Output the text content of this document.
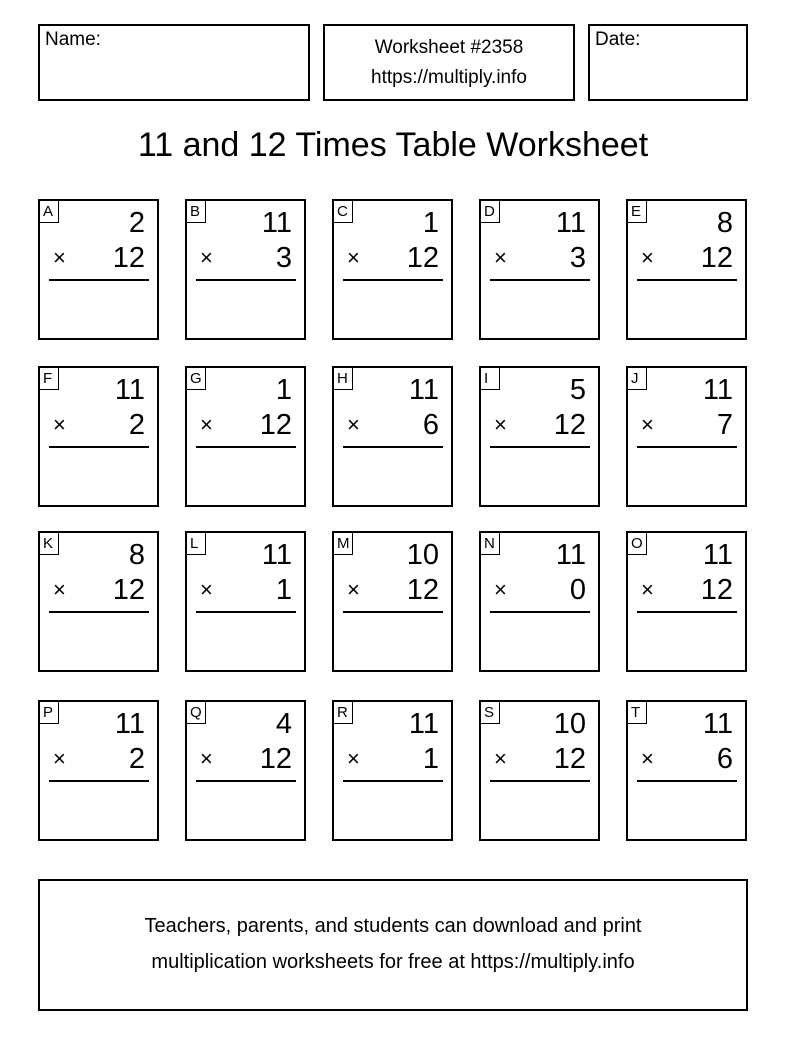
Name:	Worksheet #2358
https://multiply.info
Date:
11 and 12 Times Table Worksheet
A	2
× 12
B 11
× 3
C	1
× 12
D 11
× 3
E	8
× 12
F 11
× 2
G	1
× 12
H 11
× 6
I	5
× 12
J 11
× 7
K	8
× 12
L 11
× 1
M 10
× 12
N 11
× 0
O 11
× 12
P 11
× 2
Q	4
× 12
R 11
× 1
S 10
× 12
T 11
× 6
Teachers, parents, and students can download and print
multiplication worksheets for free at https://multiply.info
